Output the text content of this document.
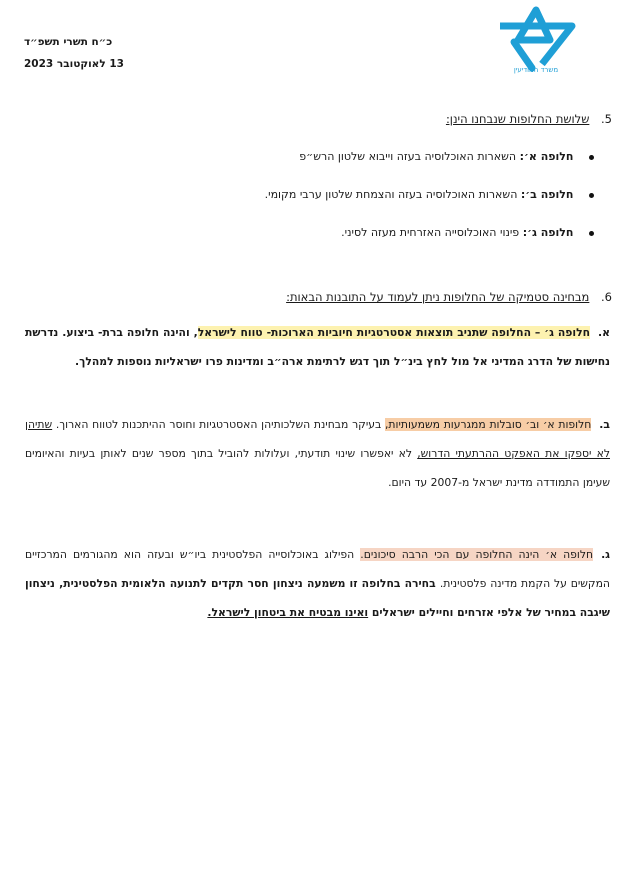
משרד המודיעין
כ״ח תשרי תשפ״ד
13 לאוקטובר 2023
5. שלושת החלופות שנבחנו הינן:
חלופה א׳: השארות האוכלוסיה בעזה וייבוא שלטון הרש״פ
חלופה ב׳: השארות האוכלוסיה בעזה והצמחת שלטון ערבי מקומי.
חלופה ג׳: פינוי האוכלוסייה האזרחית מעזה לסיני.
6. מבחינה סטמיקה של החלופות ניתן לעמוד על התובנות הבאות:
א.חלופה ג׳ – החלופה שתניב תוצאות אסטרטגיות חיוביות הארוכות- טווח לישראל, והינה חלופה ברת- ביצוע. נדרשת נחישות של הדרג המדיני אל מול לחץ בינ״ל תוך דגש לרתימת ארה״ב ומדינות פרו ישראליות נוספות למהלך.
ב.חלופות א׳ וב׳ סובלות ממגרעות משמעותיות, בעיקר מבחינת השלכותיהן האסטרטגיות וחוסר ההיתכנות לטווח הארוך. שתיהן לא יספקו את האפקט ההרתעתי הדרוש, לא יאפשרו שינוי תודעתי, ועלולות להוביל בתוך מספר שנים לאותן בעיות והאיומים שעימן התמודדה מדינת ישראל מ-2007 עד היום.
ג.חלופה א׳ הינה החלופה עם הכי הרבה סיכונים. הפילוג באוכלוסייה הפלסטינית ביו״ש ובעזה הוא מהגורמים המרכזיים המקשים על הקמת מדינה פלסטינית. בחירה בחלופה זו משמעה ניצחון חסר תקדים לתנועה הלאומית הפלסטינית, ניצחון שיגבה במחיר של אלפי אזרחים וחיילים ישראלים ואינו מבטיח את ביטחון לישראל.
